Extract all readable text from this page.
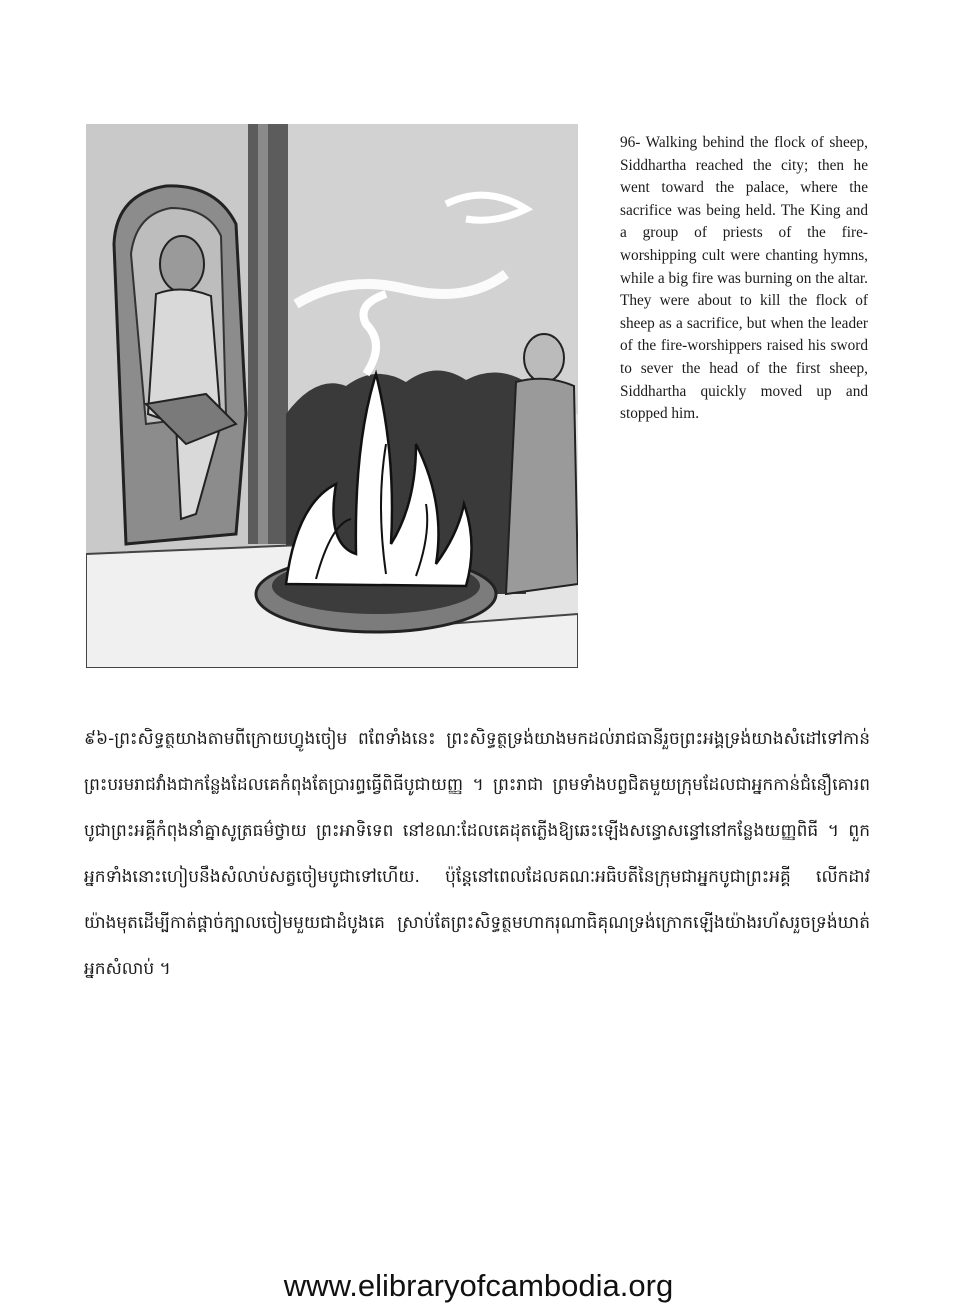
96- Walking behind the flock of sheep, Siddhartha reached the city; then he went toward the palace, where the sacrifice was being held. The King and a group of priests of the fire-worshipping cult were chanting hymns, while a big fire was burning on the altar. They were about to kill the flock of sheep as a sacrifice, but when the leader of the fire-worshippers raised his sword to sever the head of the first sheep, Siddhartha quickly moved up and stopped him.
៩៦-ព្រះសិទ្ធត្ថយាងតាមពីក្រោយហ្វូងចៀម ពពែទាំងនេះ ព្រះសិទ្ធត្ថទ្រង់យាងមកដល់រាជធានីរួចព្រះអង្គទ្រង់យាងសំដៅទៅកាន់ព្រះបរមរាជវាំងជាកន្លែងដែលគេកំពុងតែប្រារព្ធធ្វើពិធីបូជាយញ្ញ ។ ព្រះរាជា ព្រមទាំងបព្វជិតមួយក្រុមដែលជាអ្នកកាន់ជំនឿគោរពបូជាព្រះអគ្គីកំពុងនាំគ្នាសូត្រធម៌ថ្វាយ ព្រះអាទិទេព នៅខណៈដែលគេដុតភ្លើងឱ្យឆេះឡើងសន្ធោសន្ធៅនៅកន្លែងយញ្ញពិធី ។ ពួកអ្នកទាំងនោះហៀបនឹងសំលាប់សត្វចៀមបូជាទៅហើយ. ប៉ុន្តែនៅពេលដែលគណៈអធិបតីនៃក្រុមជាអ្នកបូជាព្រះអគ្គី លើកដាវយ៉ាងមុតដើម្បីកាត់ផ្ដាច់ក្បាលចៀមមួយជាដំបូងគេ ស្រាប់តែព្រះសិទ្ធត្ថមហាករុណាធិគុណទ្រង់ក្រោកឡើងយ៉ាងរហ័សរួចទ្រង់ឃាត់អ្នកសំលាប់ ។
www.elibraryofcambodia.org
